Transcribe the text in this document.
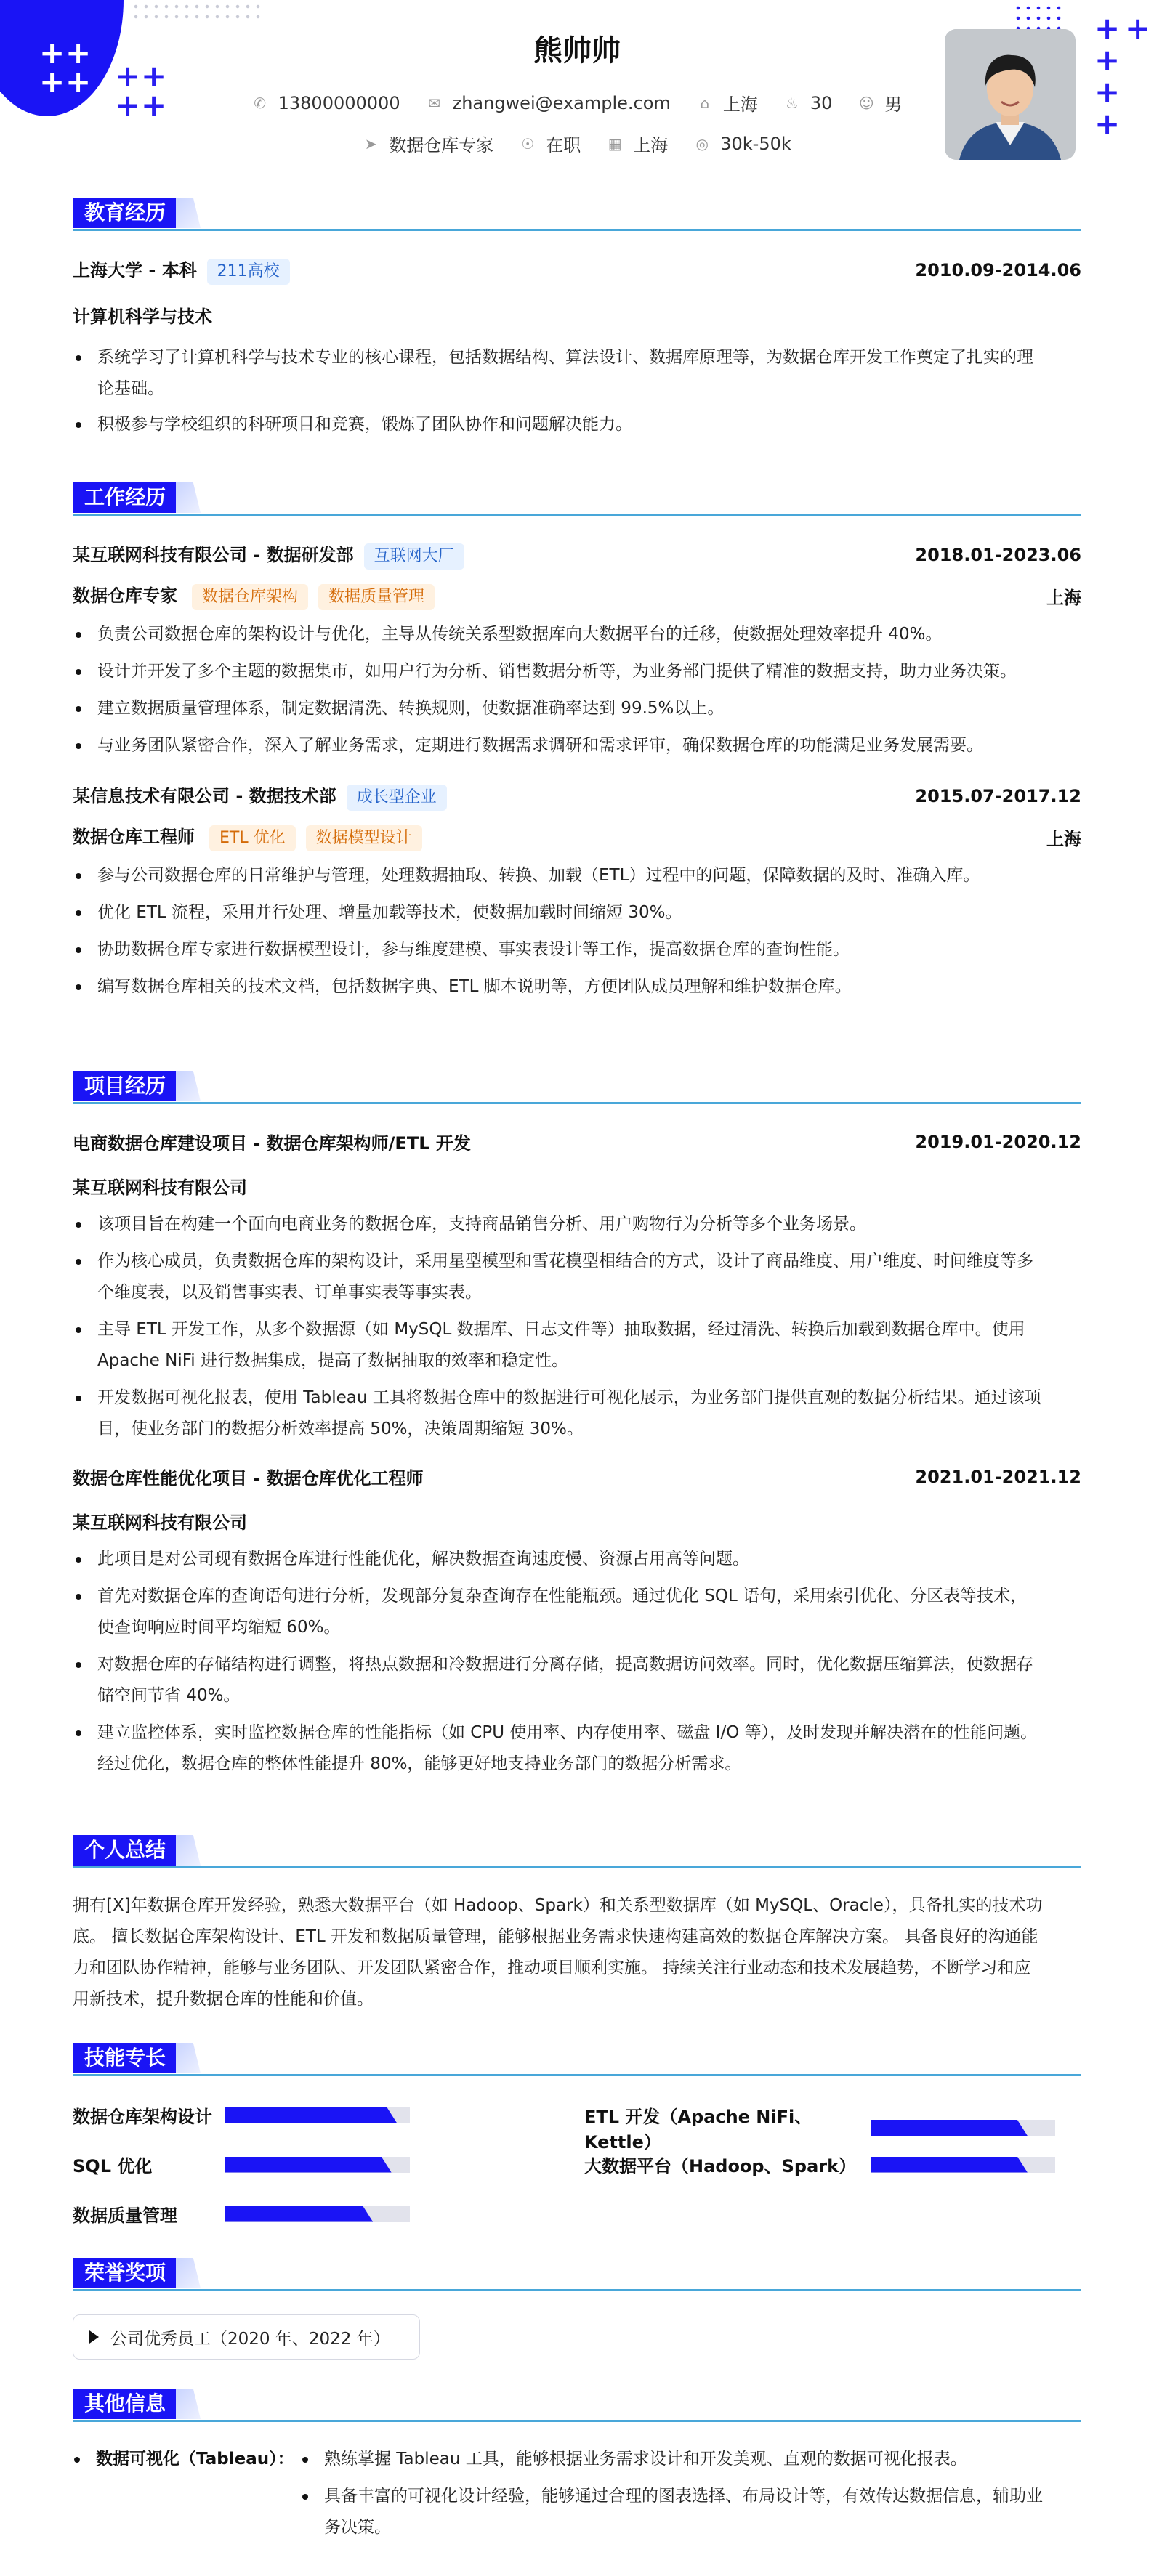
+ +
+ + + +
+ +
+ +
+
+
+
熊帅帅
✆ 13800000000 ✉ zhangwei@example.com ⌂ 上海 ♨ 30 ☺ 男
➤ 数据仓库专家 ☉ 在职 ▦ 上海 ◎ 30k-50k
教育经历
上海大学 - 本科 211高校	2010.09-2014.06
计算机科学与技术
系统学习了计算机科学与技术专业的核心课程，包括数据结构、算法设计、数据库原理等，为数据仓库开发工作奠定了扎实的理
论基础。
积极参与学校组织的科研项目和竞赛，锻炼了团队协作和问题解决能力。
工作经历
某互联网科技有限公司 - 数据研发部 互联网大厂	2018.01-2023.06
数据仓库专家 数据仓库架构 数据质量管理	上海
负责公司数据仓库的架构设计与优化，主导从传统关系型数据库向大数据平台的迁移，使数据处理效率提升 40%。
设计并开发了多个主题的数据集市，如用户行为分析、销售数据分析等，为业务部门提供了精准的数据支持，助力业务决策。
建立数据质量管理体系，制定数据清洗、转换规则，使数据准确率达到 99.5%以上。
与业务团队紧密合作，深入了解业务需求，定期进行数据需求调研和需求评审，确保数据仓库的功能满足业务发展需要。
某信息技术有限公司 - 数据技术部 成长型企业	2015.07-2017.12
数据仓库工程师 ETL 优化 数据模型设计	上海
参与公司数据仓库的日常维护与管理，处理数据抽取、转换、加载（ETL）过程中的问题，保障数据的及时、准确入库。
优化 ETL 流程，采用并行处理、增量加载等技术，使数据加载时间缩短 30%。
协助数据仓库专家进行数据模型设计，参与维度建模、事实表设计等工作，提高数据仓库的查询性能。
编写数据仓库相关的技术文档，包括数据字典、ETL 脚本说明等，方便团队成员理解和维护数据仓库。
项目经历
电商数据仓库建设项目 - 数据仓库架构师/ETL 开发	2019.01-2020.12
某互联网科技有限公司
该项目旨在构建一个面向电商业务的数据仓库，支持商品销售分析、用户购物行为分析等多个业务场景。
作为核心成员，负责数据仓库的架构设计，采用星型模型和雪花模型相结合的方式，设计了商品维度、用户维度、时间维度等多
个维度表，以及销售事实表、订单事实表等事实表。
主导 ETL 开发工作，从多个数据源（如 MySQL 数据库、日志文件等）抽取数据，经过清洗、转换后加载到数据仓库中。使用
Apache NiFi 进行数据集成，提高了数据抽取的效率和稳定性。
开发数据可视化报表，使用 Tableau 工具将数据仓库中的数据进行可视化展示，为业务部门提供直观的数据分析结果。通过该项
目，使业务部门的数据分析效率提高 50%，决策周期缩短 30%。
数据仓库性能优化项目 - 数据仓库优化工程师	2021.01-2021.12
某互联网科技有限公司
此项目是对公司现有数据仓库进行性能优化，解决数据查询速度慢、资源占用高等问题。
首先对数据仓库的查询语句进行分析，发现部分复杂查询存在性能瓶颈。通过优化 SQL 语句，采用索引优化、分区表等技术，
使查询响应时间平均缩短 60%。
对数据仓库的存储结构进行调整，将热点数据和冷数据进行分离存储，提高数据访问效率。同时，优化数据压缩算法，使数据存
储空间节省 40%。
建立监控体系，实时监控数据仓库的性能指标（如 CPU 使用率、内存使用率、磁盘 I/O 等），及时发现并解决潜在的性能问题。
经过优化，数据仓库的整体性能提升 80%，能够更好地支持业务部门的数据分析需求。
个人总结
拥有[X]年数据仓库开发经验，熟悉大数据平台（如 Hadoop、Spark）和关系型数据库（如 MySQL、Oracle），具备扎实的技术功
底。 擅长数据仓库架构设计、ETL 开发和数据质量管理，能够根据业务需求快速构建高效的数据仓库解决方案。 具备良好的沟通能
力和团队协作精神，能够与业务团队、开发团队紧密合作，推动项目顺利实施。 持续关注行业动态和技术发展趋势，不断学习和应
用新技术，提升数据仓库的性能和价值。
技能专长
数据仓库架构设计	ETL 开发（Apache NiFi、Kettle）
SQL 优化	大数据平台（Hadoop、Spark）
数据质量管理
荣誉奖项
公司优秀员工（2020 年、2022 年）
其他信息
数据可视化（Tableau）：	熟练掌握 Tableau 工具，能够根据业务需求设计和开发美观、直观的数据可视化报表。
具备丰富的可视化设计经验，能够通过合理的图表选择、布局设计等，有效传达数据信息，辅助业
务决策。
